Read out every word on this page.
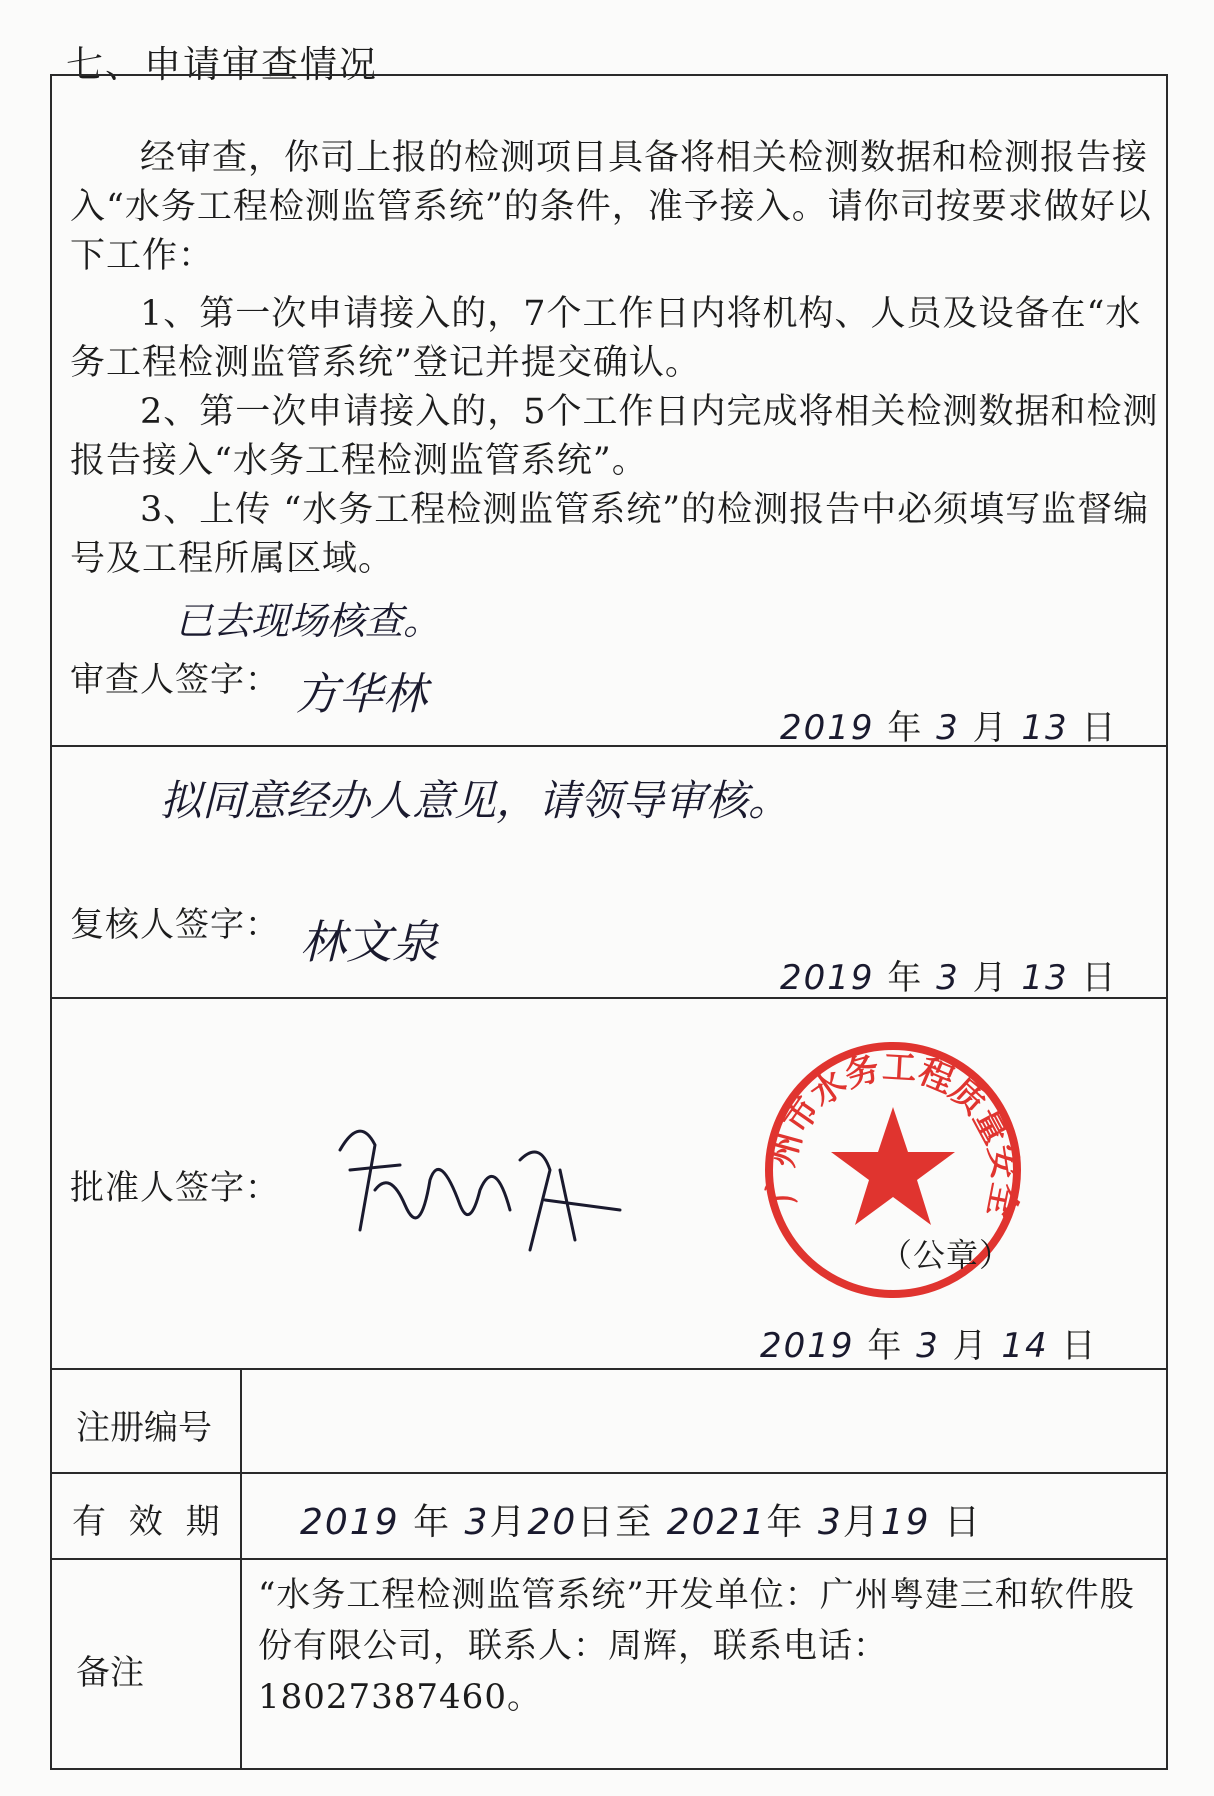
七、申请审查情况
经审查，你司上报的检测项目具备将相关检测数据和检测报告接入“水务工程检测监管系统”的条件，准予接入。请你司按要求做好以下工作：
1、第一次申请接入的，7个工作日内将机构、人员及设备在“水务工程检测监管系统”登记并提交确认。
2、第一次申请接入的，5个工作日内完成将相关检测数据和检测报告接入“水务工程检测监管系统”。
3、上传 “水务工程检测监管系统”的检测报告中必须填写监督编号及工程所属区域。
已去现场核查。
审查人签字： 方华林
2019 年 3 月 13 日
拟同意经办人意见，请领导审核。
复核人签字： 林文泉
2019 年 3 月 13 日
批准人签字：	广州市水务工程质量安全
（公章）
2019 年 3 月 14 日
注册编号
有 效 期 2019 年 3月20日至 2021年 3月19 日
备注
“水务工程检测监管系统”开发单位：广州粤建三和软件股份有限公司，联系人：周辉，联系电话：18027387460。
